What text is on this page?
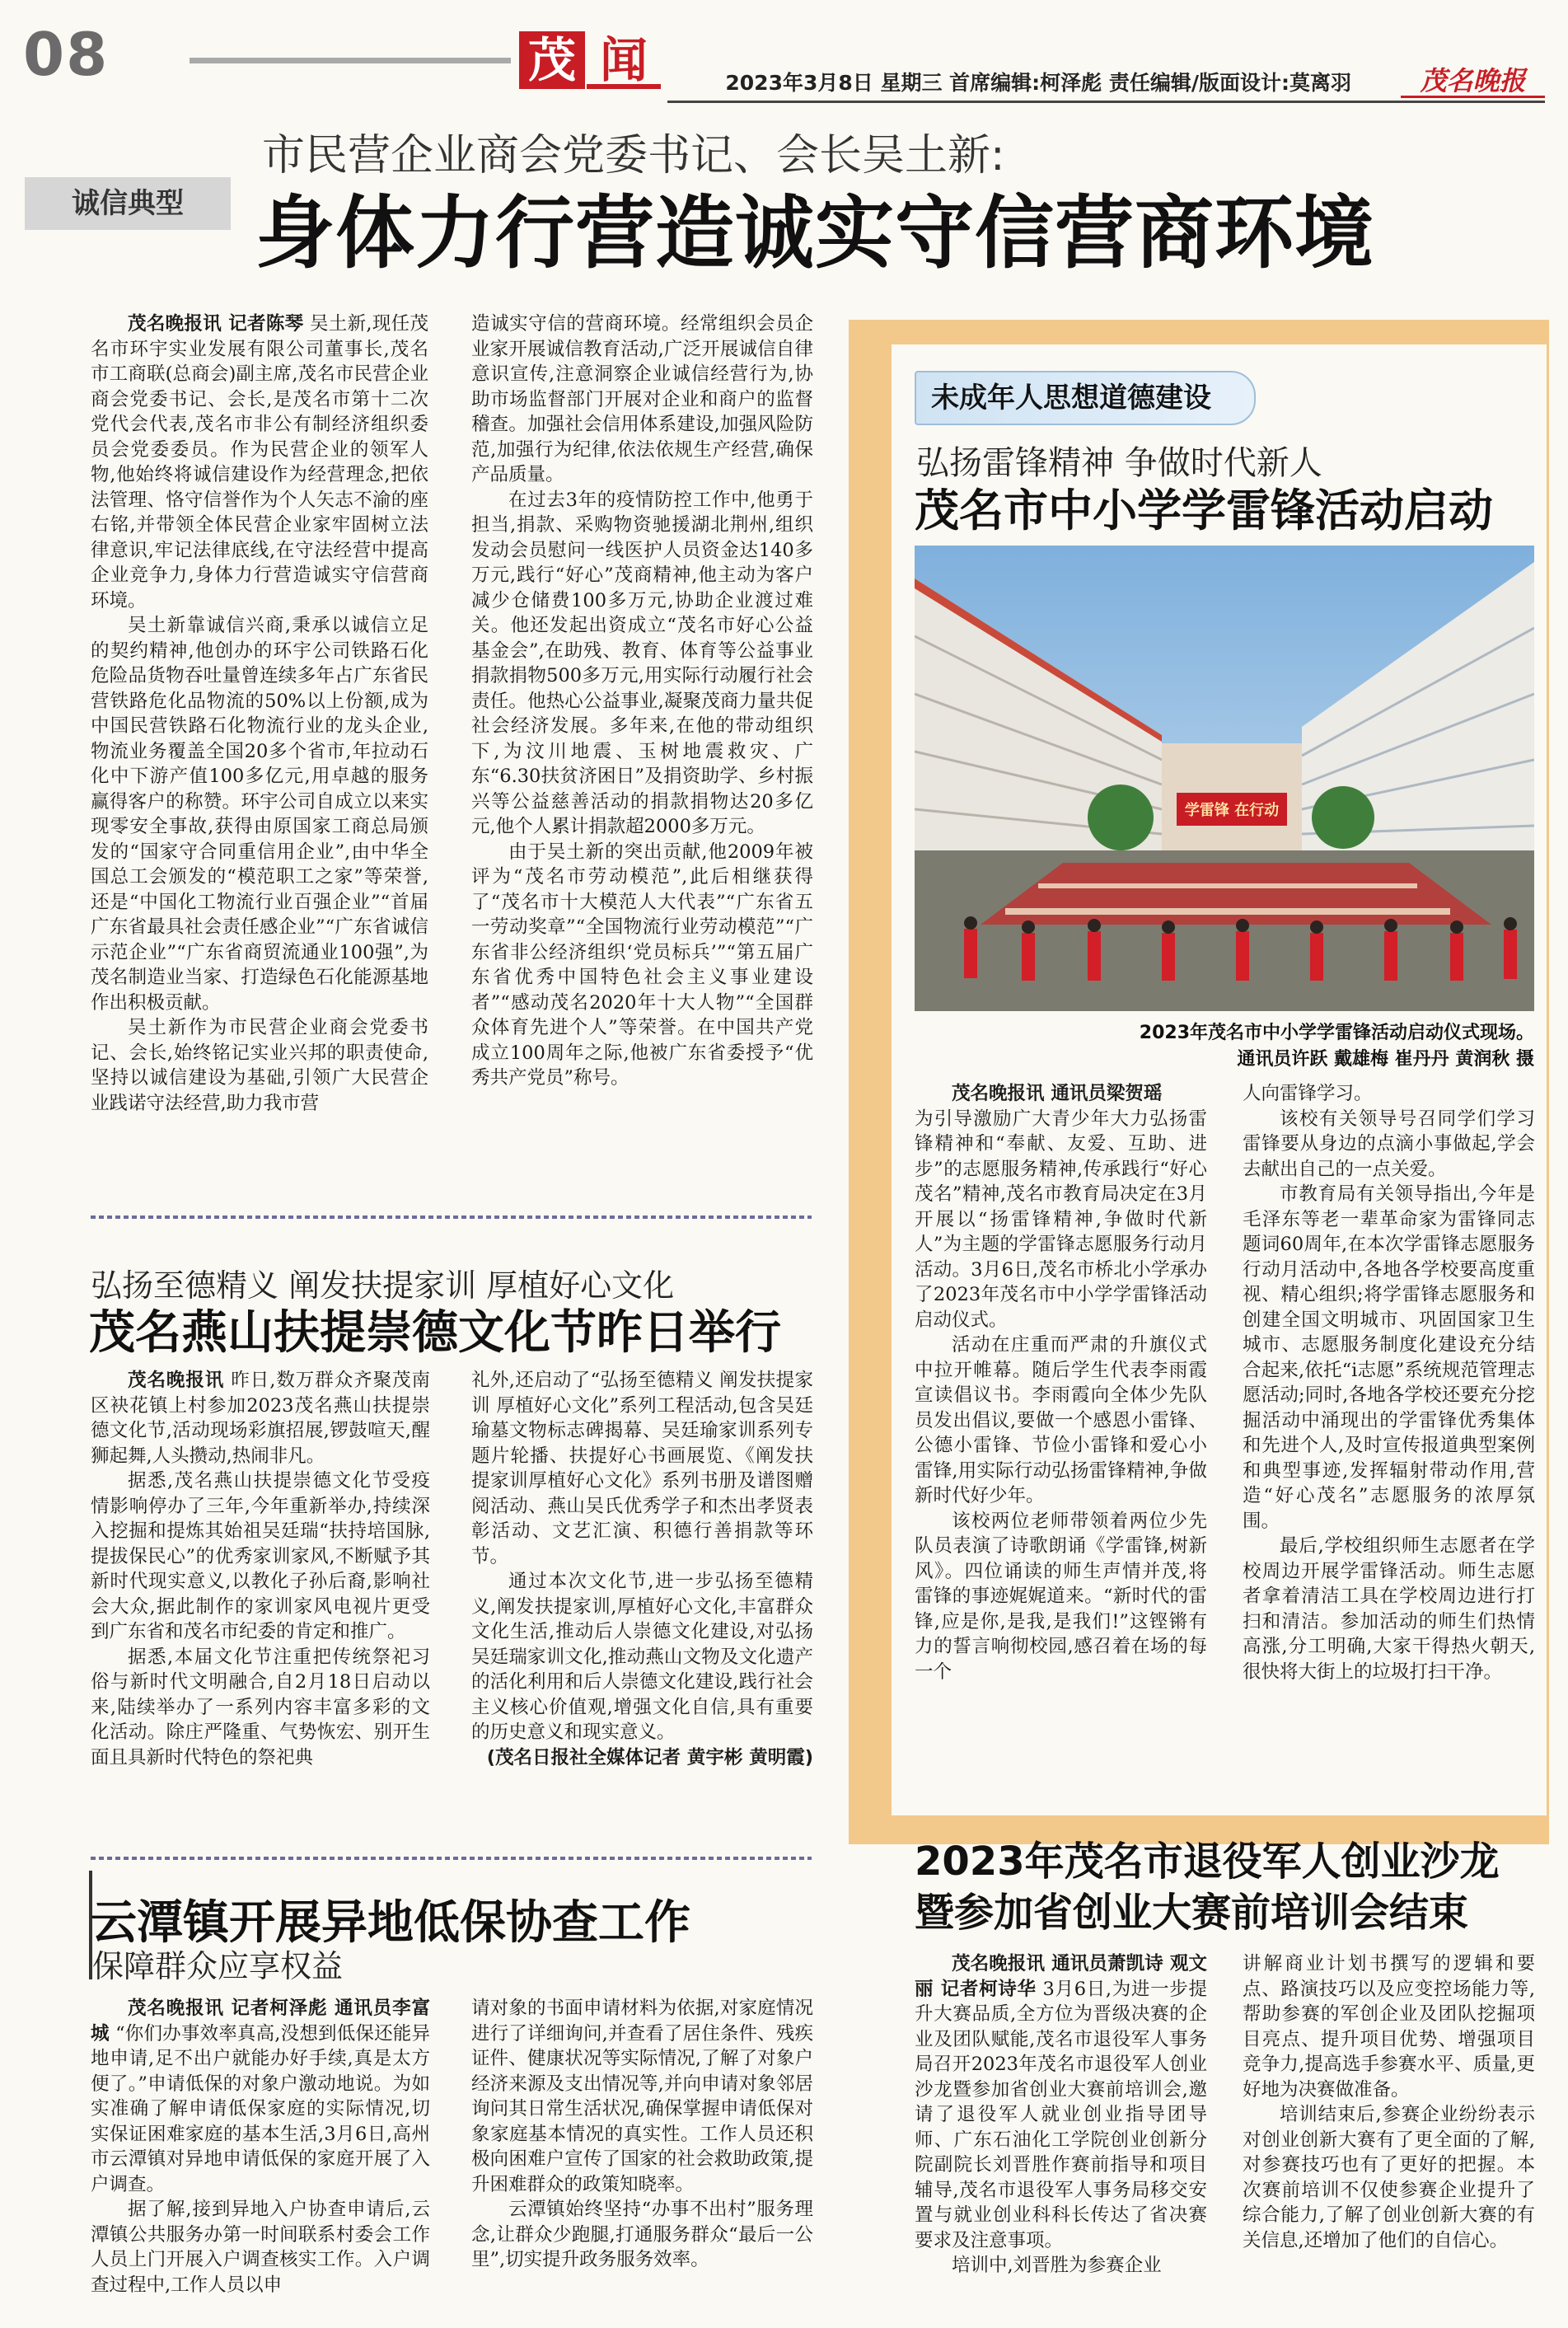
08	茂 闻	2023年3月8日 星期三 首席编辑:柯泽彪 责任编辑/版面设计:莫离羽	茂名晚报
诚信典型
市民营企业商会党委书记、会长吴土新:
身体力行营造诚实守信营商环境

茂名晚报讯 记者陈琴 吴土新,现任茂名市环宇实业发展有限公司董事长,茂名市工商联(总商会)副主席,茂名市民营企业商会党委书记、会长,是茂名市第十二次党代会代表,茂名市非公有制经济组织委员会党委委员。作为民营企业的领军人物,他始终将诚信建设作为经营理念,把依法管理、恪守信誉作为个人矢志不渝的座右铭,并带领全体民营企业家牢固树立法律意识,牢记法律底线,在守法经营中提高企业竞争力,身体力行营造诚实守信营商环境。

吴土新靠诚信兴商,秉承以诚信立足的契约精神,他创办的环宇公司铁路石化危险品货物吞吐量曾连续多年占广东省民营铁路危化品物流的50%以上份额,成为中国民营铁路石化物流行业的龙头企业,物流业务覆盖全国20多个省市,年拉动石化中下游产值100多亿元,用卓越的服务赢得客户的称赞。环宇公司自成立以来实现零安全事故,获得由原国家工商总局颁发的“国家守合同重信用企业”,由中华全国总工会颁发的“模范职工之家”等荣誉,还是“中国化工物流行业百强企业”“首届广东省最具社会责任感企业”“广东省诚信示范企业”“广东省商贸流通业100强”,为茂名制造业当家、打造绿色石化能源基地作出积极贡献。

吴土新作为市民营企业商会党委书记、会长,始终铭记实业兴邦的职责使命,坚持以诚信建设为基础,引领广大民营企业践诺守法经营,助力我市营

造诚实守信的营商环境。经常组织会员企业家开展诚信教育活动,广泛开展诚信自律意识宣传,注意洞察企业诚信经营行为,协助市场监督部门开展对企业和商户的监督稽查。加强社会信用体系建设,加强风险防范,加强行为纪律,依法依规生产经营,确保产品质量。

在过去3年的疫情防控工作中,他勇于担当,捐款、采购物资驰援湖北荆州,组织发动会员慰问一线医护人员资金达140多万元,践行“好心”茂商精神,他主动为客户减少仓储费100多万元,协助企业渡过难关。他还发起出资成立“茂名市好心公益基金会”,在助残、教育、体育等公益事业捐款捐物500多万元,用实际行动履行社会责任。他热心公益事业,凝聚茂商力量共促社会经济发展。多年来,在他的带动组织下,为汶川地震、玉树地震救灾、广东“6.30扶贫济困日”及捐资助学、乡村振兴等公益慈善活动的捐款捐物达20多亿元,他个人累计捐款超2000多万元。

由于吴土新的突出贡献,他2009年被评为“茂名市劳动模范”,此后相继获得了“茂名市十大模范人大代表”“广东省五一劳动奖章”“全国物流行业劳动模范”“广东省非公经济组织‘党员标兵’”“第五届广东省优秀中国特色社会主义事业建设者”“感动茂名2020年十大人物”“全国群众体育先进个人”等荣誉。在中国共产党成立100周年之际,他被广东省委授予“优秀共产党员”称号。

未成年人思想道德建设
弘扬雷锋精神 争做时代新人
茂名市中小学学雷锋活动启动
学雷锋 在行动
2023年茂名市中小学学雷锋活动启动仪式现场。
通讯员许跃 戴雄梅 崔丹丹 黄润秋 摄

茂名晚报讯 通讯员梁贺瑶

为引导激励广大青少年大力弘扬雷锋精神和“奉献、友爱、互助、进步”的志愿服务精神,传承践行“好心茂名”精神,茂名市教育局决定在3月开展以“扬雷锋精神,争做时代新人”为主题的学雷锋志愿服务行动月活动。3月6日,茂名市桥北小学承办了2023年茂名市中小学学雷锋活动启动仪式。

活动在庄重而严肃的升旗仪式中拉开帷幕。随后学生代表李雨霞宣读倡议书。李雨霞向全体少先队员发出倡议,要做一个感恩小雷锋、公德小雷锋、节俭小雷锋和爱心小雷锋,用实际行动弘扬雷锋精神,争做新时代好少年。

该校两位老师带领着两位少先队员表演了诗歌朗诵《学雷锋,树新风》。四位诵读的师生声情并茂,将雷锋的事迹娓娓道来。“新时代的雷锋,应是你,是我,是我们!”这铿锵有力的誓言响彻校园,感召着在场的每一个

人向雷锋学习。

该校有关领导号召同学们学习雷锋要从身边的点滴小事做起,学会去献出自己的一点关爱。

市教育局有关领导指出,今年是毛泽东等老一辈革命家为雷锋同志题词60周年,在本次学雷锋志愿服务行动月活动中,各地各学校要高度重视、精心组织;将学雷锋志愿服务和创建全国文明城市、巩固国家卫生城市、志愿服务制度化建设充分结合起来,依托“i志愿”系统规范管理志愿活动;同时,各地各学校还要充分挖掘活动中涌现出的学雷锋优秀集体和先进个人,及时宣传报道典型案例和典型事迹,发挥辐射带动作用,营造“好心茂名”志愿服务的浓厚氛围。

最后,学校组织师生志愿者在学校周边开展学雷锋活动。师生志愿者拿着清洁工具在学校周边进行打扫和清洁。参加活动的师生们热情高涨,分工明确,大家干得热火朝天,很快将大街上的垃圾打扫干净。

弘扬至德精义 阐发扶提家训 厚植好心文化
茂名燕山扶提崇德文化节昨日举行

茂名晚报讯 昨日,数万群众齐聚茂南区袂花镇上村参加2023茂名燕山扶提崇德文化节,活动现场彩旗招展,锣鼓喧天,醒狮起舞,人头攒动,热闹非凡。

据悉,茂名燕山扶提崇德文化节受疫情影响停办了三年,今年重新举办,持续深入挖掘和提炼其始祖吴廷瑞“扶持培国脉,提拔保民心”的优秀家训家风,不断赋予其新时代现实意义,以教化子孙后裔,影响社会大众,据此制作的家训家风电视片更受到广东省和茂名市纪委的肯定和推广。

据悉,本届文化节注重把传统祭祀习俗与新时代文明融合,自2月18日启动以来,陆续举办了一系列内容丰富多彩的文化活动。除庄严隆重、气势恢宏、别开生面且具新时代特色的祭祀典

礼外,还启动了“弘扬至德精义 阐发扶提家训 厚植好心文化”系列工程活动,包含吴廷瑜墓文物标志碑揭幕、吴廷瑜家训系列专题片轮播、扶提好心书画展览、《阐发扶提家训厚植好心文化》系列书册及谱图赠阅活动、燕山吴氏优秀学子和杰出孝贤表彰活动、文艺汇演、积德行善捐款等环节。

通过本次文化节,进一步弘扬至德精义,阐发扶提家训,厚植好心文化,丰富群众文化生活,推动后人崇德文化建设,对弘扬吴廷瑞家训文化,推动燕山文物及文化遗产的活化利用和后人崇德文化建设,践行社会主义核心价值观,增强文化自信,具有重要的历史意义和现实意义。

(茂名日报社全媒体记者 黄宇彬 黄明霞)

云潭镇开展异地低保协查工作
保障群众应享权益

茂名晚报讯 记者柯泽彪 通讯员李富城 “你们办事效率真高,没想到低保还能异地申请,足不出户就能办好手续,真是太方便了。”申请低保的对象户激动地说。为如实准确了解申请低保家庭的实际情况,切实保证困难家庭的基本生活,3月6日,高州市云潭镇对异地申请低保的家庭开展了入户调查。

据了解,接到异地入户协查申请后,云潭镇公共服务办第一时间联系村委会工作人员上门开展入户调查核实工作。入户调查过程中,工作人员以申

请对象的书面申请材料为依据,对家庭情况进行了详细询问,并查看了居住条件、残疾证件、健康状况等实际情况,了解了对象户经济来源及支出情况等,并向申请对象邻居询问其日常生活状况,确保掌握申请低保对象家庭基本情况的真实性。工作人员还积极向困难户宣传了国家的社会救助政策,提升困难群众的政策知晓率。

云潭镇始终坚持“办事不出村”服务理念,让群众少跑腿,打通服务群众“最后一公里”,切实提升政务服务效率。

2023年茂名市退役军人创业沙龙
暨参加省创业大赛前培训会结束

茂名晚报讯 通讯员萧凯诗 观文丽 记者柯诗华 3月6日,为进一步提升大赛品质,全方位为晋级决赛的企业及团队赋能,茂名市退役军人事务局召开2023年茂名市退役军人创业沙龙暨参加省创业大赛前培训会,邀请了退役军人就业创业指导团导师、广东石油化工学院创业创新分院副院长刘晋胜作赛前指导和项目辅导,茂名市退役军人事务局移交安置与就业创业科科长传达了省决赛要求及注意事项。

培训中,刘晋胜为参赛企业

讲解商业计划书撰写的逻辑和要点、路演技巧以及应变控场能力等,帮助参赛的军创企业及团队挖掘项目亮点、提升项目优势、增强项目竞争力,提高选手参赛水平、质量,更好地为决赛做准备。

培训结束后,参赛企业纷纷表示对创业创新大赛有了更全面的了解,对参赛技巧也有了更好的把握。本次赛前培训不仅使参赛企业提升了综合能力,了解了创业创新大赛的有关信息,还增加了他们的自信心。
